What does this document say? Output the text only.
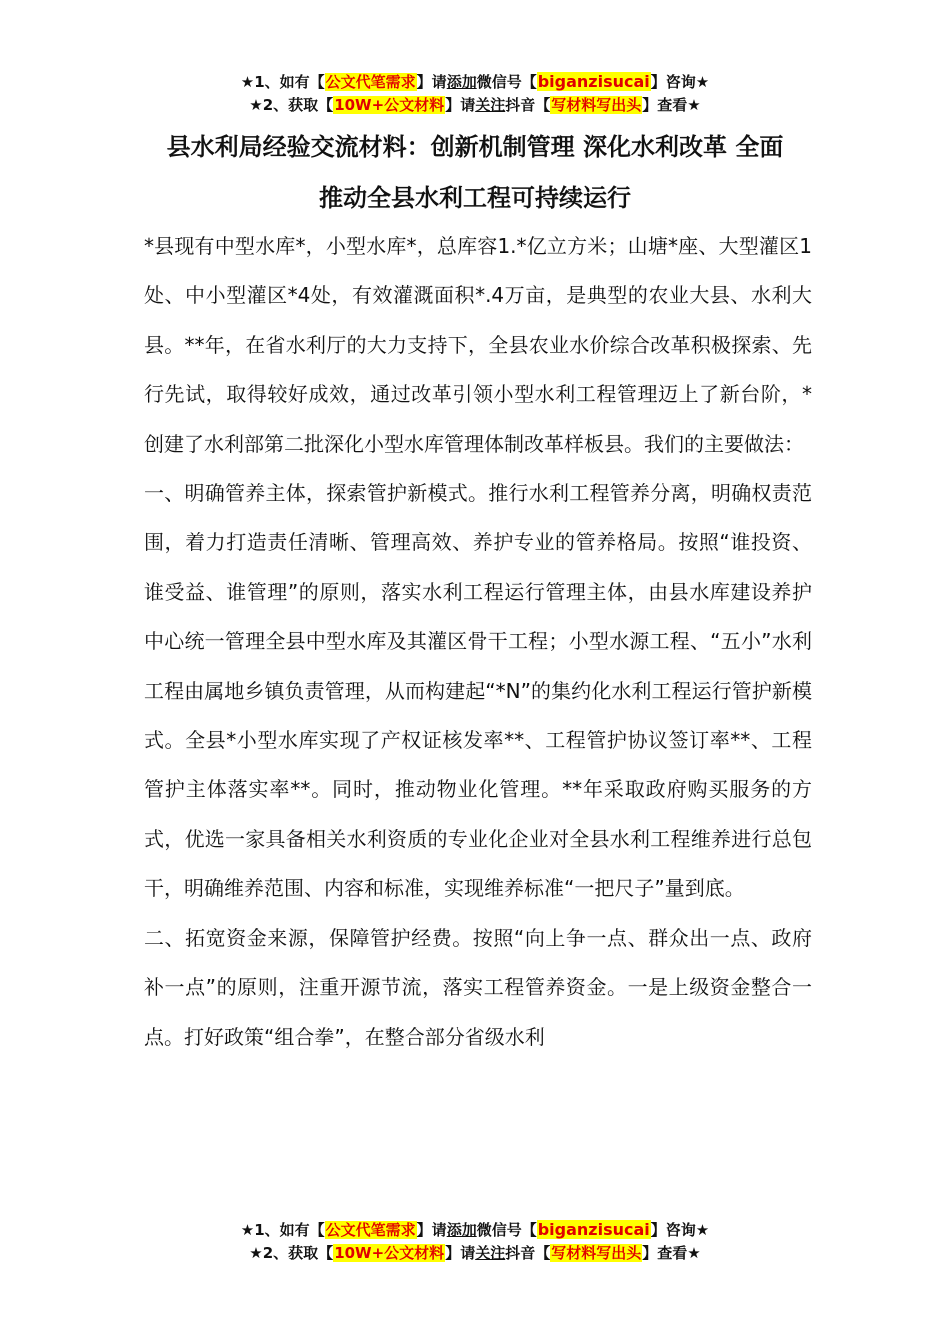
★1、如有【公文代笔需求】请添加微信号【biganzisucai】咨询★
★2、获取【10W+公文材料】请关注抖音【写材料写出头】查看★
县水利局经验交流材料：创新机制管理 深化水利改革 全面
推动全县水利工程可持续运行

*县现有中型水库*，小型水库*，总库容1.*亿立方米；山塘*座、大型灌区1处、中小型灌区*4处，有效灌溉面积*.4万亩，是典型的农业大县、水利大县。**年，在省水利厅的大力支持下，全县农业水价综合改革积极探索、先行先试，取得较好成效，通过改革引领小型水利工程管理迈上了新台阶，*创建了水利部第二批深化小型水库管理体制改革样板县。我们的主要做法：

一、明确管养主体，探索管护新模式。推行水利工程管养分离，明确权责范围，着力打造责任清晰、管理高效、养护专业的管养格局。按照“谁投资、谁受益、谁管理”的原则，落实水利工程运行管理主体，由县水库建设养护中心统一管理全县中型水库及其灌区骨干工程；小型水源工程、“五小”水利工程由属地乡镇负责管理，从而构建起“*N”的集约化水利工程运行管护新模式。全县*小型水库实现了产权证核发率**、工程管护协议签订率**、工程管护主体落实率**。同时，推动物业化管理。**年采取政府购买服务的方式，优选一家具备相关水利资质的专业化企业对全县水利工程维养进行总包干，明确维养范围、内容和标准，实现维养标准“一把尺子”量到底。

二、拓宽资金来源，保障管护经费。按照“向上争一点、群众出一点、政府补一点”的原则，注重开源节流，落实工程管养资金。一是上级资金整合一点。打好政策“组合拳”，在整合部分省级水利

★1、如有【公文代笔需求】请添加微信号【biganzisucai】咨询★
★2、获取【10W+公文材料】请关注抖音【写材料写出头】查看★
